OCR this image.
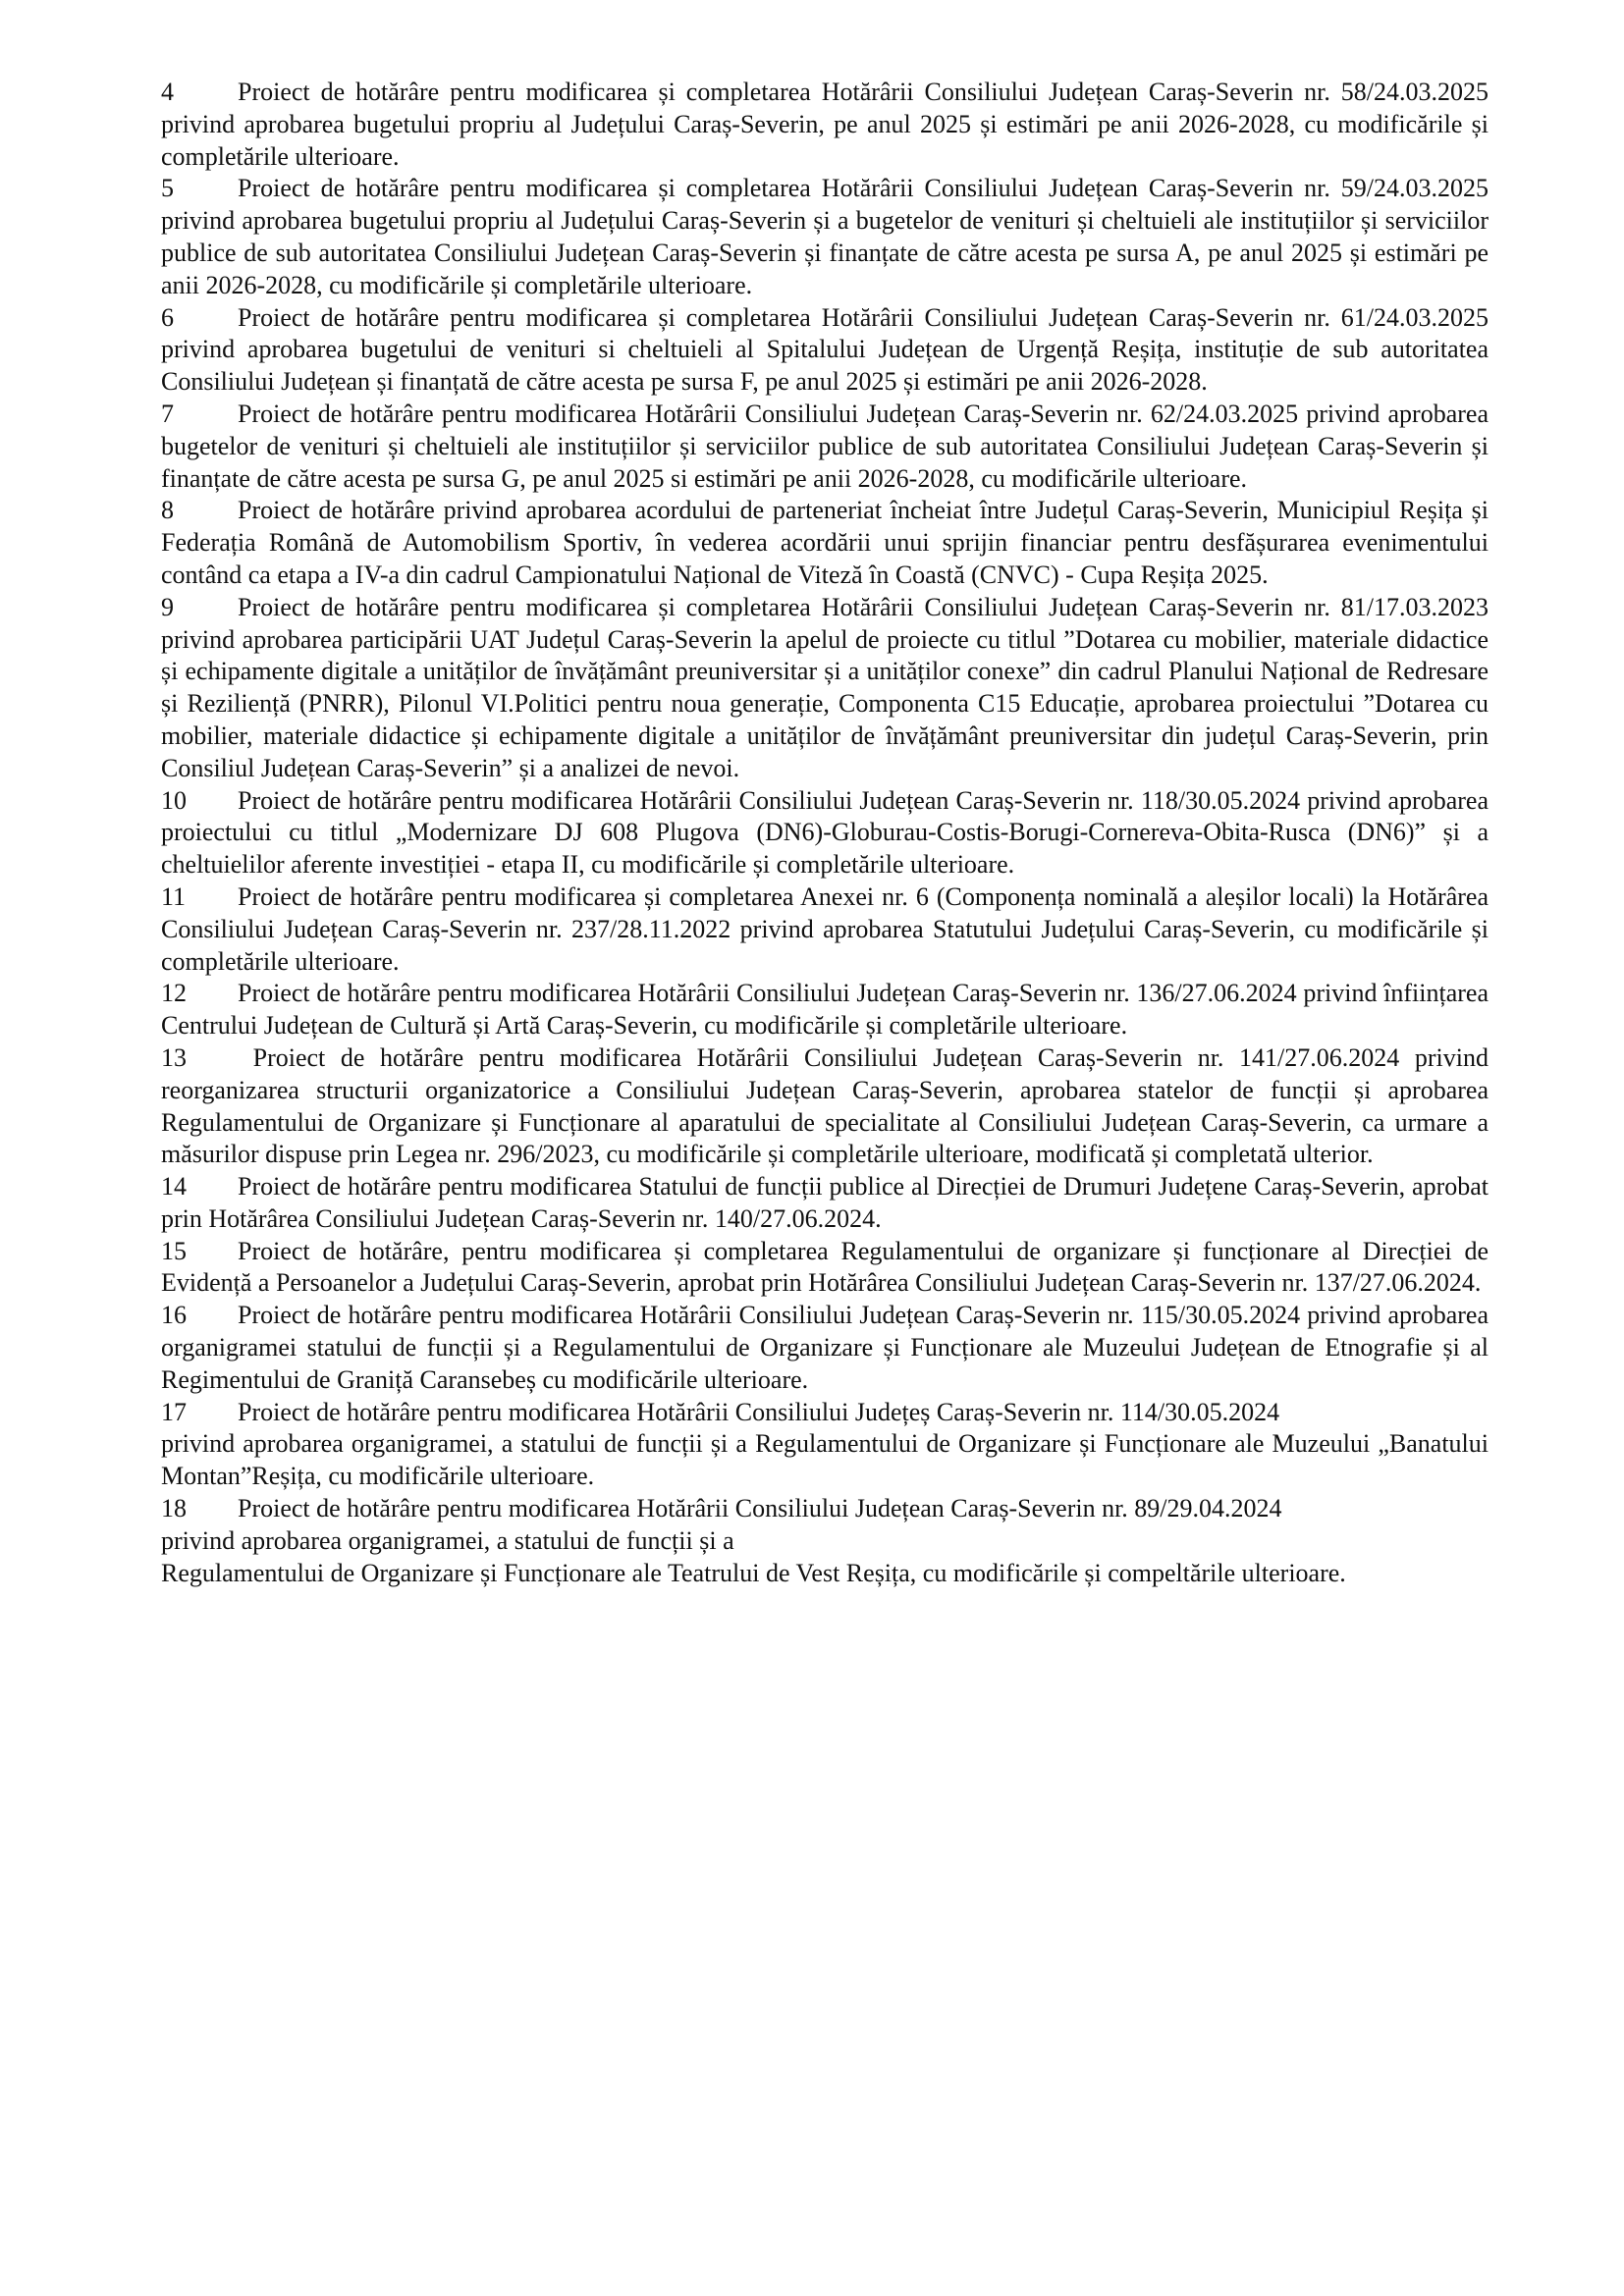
4	Proiect de hotărâre pentru modificarea și completarea Hotărârii Consiliului Județean Caraș-Severin nr. 58/24.03.2025 privind aprobarea bugetului propriu al Județului Caraș-Severin, pe anul 2025 și estimări pe anii 2026-2028, cu modificările și completările ulterioare.

5	Proiect de hotărâre pentru modificarea și completarea Hotărârii Consiliului Județean Caraș-Severin nr. 59/24.03.2025 privind aprobarea bugetului propriu al Județului Caraș-Severin și a bugetelor de venituri și cheltuieli ale instituțiilor și serviciilor publice de sub autoritatea Consiliului Județean Caraș-Severin și finanțate de către acesta pe sursa A, pe anul 2025 și estimări pe anii 2026-2028, cu modificările și completările ulterioare.

6	Proiect de hotărâre pentru modificarea și completarea Hotărârii Consiliului Județean Caraș-Severin nr. 61/24.03.2025 privind aprobarea bugetului de venituri si cheltuieli al Spitalului Județean de Urgență Reșița, instituție de sub autoritatea Consiliului Județean și finanțată de către acesta pe sursa F, pe anul 2025 și estimări pe anii 2026-2028.

7	Proiect de hotărâre pentru modificarea Hotărârii Consiliului Județean Caraș-Severin nr. 62/24.03.2025 privind aprobarea bugetelor de venituri și cheltuieli ale instituțiilor și serviciilor publice de sub autoritatea Consiliului Județean Caraș-Severin și finanțate de către acesta pe sursa G, pe anul 2025 si estimări pe anii 2026-2028, cu modificările ulterioare.

8	Proiect de hotărâre privind aprobarea acordului de parteneriat încheiat între Județul Caraș-Severin, Municipiul Reșița și Federația Română de Automobilism Sportiv, în vederea acordării unui sprijin financiar pentru desfășurarea evenimentului contând ca etapa a IV-a din cadrul Campionatului Național de Viteză în Coastă (CNVC) - Cupa Reșița 2025.

9	Proiect de hotărâre pentru modificarea și completarea Hotărârii Consiliului Județean Caraș-Severin nr. 81/17.03.2023 privind aprobarea participării UAT Județul Caraș-Severin la apelul de proiecte cu titlul ”Dotarea cu mobilier, materiale didactice și echipamente digitale a unităților de învățământ preuniversitar și a unităților conexe” din cadrul Planului Național de Redresare și Reziliență (PNRR), Pilonul VI.Politici pentru noua generație, Componenta C15 Educație, aprobarea proiectului ”Dotarea cu mobilier, materiale didactice și echipamente digitale a unităților de învățământ preuniversitar din județul Caraș-Severin, prin Consiliul Județean Caraș-Severin” și a analizei de nevoi.

10 Proiect de hotărâre pentru modificarea Hotărârii Consiliului Județean Caraș-Severin nr. 118/30.05.2024 privind aprobarea proiectului cu titlul „Modernizare DJ 608 Plugova (DN6)-Globurau-Costis-Borugi-Cornereva-Obita-Rusca (DN6)” și a cheltuielilor aferente investiției - etapa II, cu modificările și completările ulterioare.

11 Proiect de hotărâre pentru modificarea și completarea Anexei nr. 6 (Componența nominală a aleșilor locali) la Hotărârea Consiliului Județean Caraș-Severin nr. 237/28.11.2022 privind aprobarea Statutului Județului Caraș-Severin, cu modificările și completările ulterioare.

12 Proiect de hotărâre pentru modificarea Hotărârii Consiliului Județean Caraș-Severin nr. 136/27.06.2024 privind înființarea Centrului Județean de Cultură și Artă Caraș-Severin, cu modificările și completările ulterioare.

13 Proiect de hotărâre pentru modificarea Hotărârii Consiliului Județean Caraș-Severin nr. 141/27.06.2024 privind reorganizarea structurii organizatorice a Consiliului Județean Caraș-Severin, aprobarea statelor de funcții și aprobarea Regulamentului de Organizare și Funcționare al aparatului de specialitate al Consiliului Județean Caraș-Severin, ca urmare a măsurilor dispuse prin Legea nr. 296/2023, cu modificările și completările ulterioare, modificată și completată ulterior.

14 Proiect de hotărâre pentru modificarea Statului de funcții publice al Direcției de Drumuri Județene Caraș-Severin, aprobat prin Hotărârea Consiliului Județean Caraș-Severin nr. 140/27.06.2024.

15 Proiect de hotărâre, pentru modificarea și completarea Regulamentului de organizare și funcționare al Direcției de Evidență a Persoanelor a Județului Caraș-Severin, aprobat prin Hotărârea Consiliului Județean Caraș-Severin nr. 137/27.06.2024.

16 Proiect de hotărâre pentru modificarea Hotărârii Consiliului Județean Caraș-Severin nr. 115/30.05.2024 privind aprobarea organigramei statului de funcții și a Regulamentului de Organizare și Funcționare ale Muzeului Județean de Etnografie și al Regimentului de Graniță Caransebeș cu modificările ulterioare.

17 Proiect de hotărâre pentru modificarea Hotărârii Consiliului Județeș Caraș-Severin nr. 114/30.05.2024

privind aprobarea organigramei, a statului de funcții și a Regulamentului de Organizare și Funcționare ale Muzeului „Banatului Montan”Reșița, cu modificările ulterioare.

18 Proiect de hotărâre pentru modificarea Hotărârii Consiliului Județean Caraș-Severin nr. 89/29.04.2024
privind aprobarea organigramei, a statului de funcții și a

Regulamentului de Organizare și Funcționare ale Teatrului de Vest Reșița, cu modificările și compeltările ulterioare.
